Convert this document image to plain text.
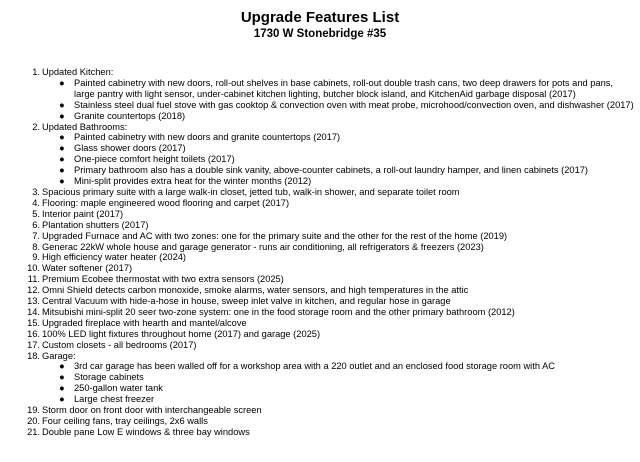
Upgrade Features List
1730 W Stonebridge #35
1. Updated Kitchen:
● Painted cabinetry with new doors, roll-out shelves in base cabinets, roll-out double trash cans, two deep drawers for pots and pans, large pantry with light sensor, under-cabinet kitchen lighting, butcher block island, and KitchenAid garbage disposal (2017)
● Stainless steel dual fuel stove with gas cooktop & convection oven with meat probe, microhood/convection oven, and dishwasher (2017)
● Granite countertops (2018)
2. Updated Bathrooms:
● Painted cabinetry with new doors and granite countertops (2017)
● Glass shower doors (2017)
● One-piece comfort height toilets (2017)
● Primary bathroom also has a double sink vanity, above-counter cabinets, a roll-out laundry hamper, and linen cabinets (2017)
● Mini-split provides extra heat for the winter months (2012)
3. Spacious primary suite with a large walk-in closet, jetted tub, walk-in shower, and separate toilet room
4. Flooring: maple engineered wood flooring and carpet (2017)
5. Interior paint (2017)
6. Plantation shutters (2017)
7. Upgraded Furnace and AC with two zones: one for the primary suite and the other for the rest of the home (2019)
8. Generac 22kW whole house and garage generator - runs air conditioning, all refrigerators & freezers (2023)
9. High efficiency water heater (2024)
10. Water softener (2017)
11. Premium Ecobee thermostat with two extra sensors (2025)
12. Omni Shield detects carbon monoxide, smoke alarms, water sensors, and high temperatures in the attic
13. Central Vacuum with hide-a-hose in house, sweep inlet valve in kitchen, and regular hose in garage
14. Mitsubishi mini-split 20 seer two-zone system: one in the food storage room and the other primary bathroom (2012)
15. Upgraded fireplace with hearth and mantel/alcove
16. 100% LED light fixtures throughout home (2017) and garage (2025)
17. Custom closets - all bedrooms (2017)
18. Garage:
● 3rd car garage has been walled off for a workshop area with a 220 outlet and an enclosed food storage room with AC
● Storage cabinets
● 250-gallon water tank
● Large chest freezer
19. Storm door on front door with interchangeable screen
20. Four ceiling fans, tray ceilings, 2x6 walls
21. Double pane Low E windows & three bay windows
